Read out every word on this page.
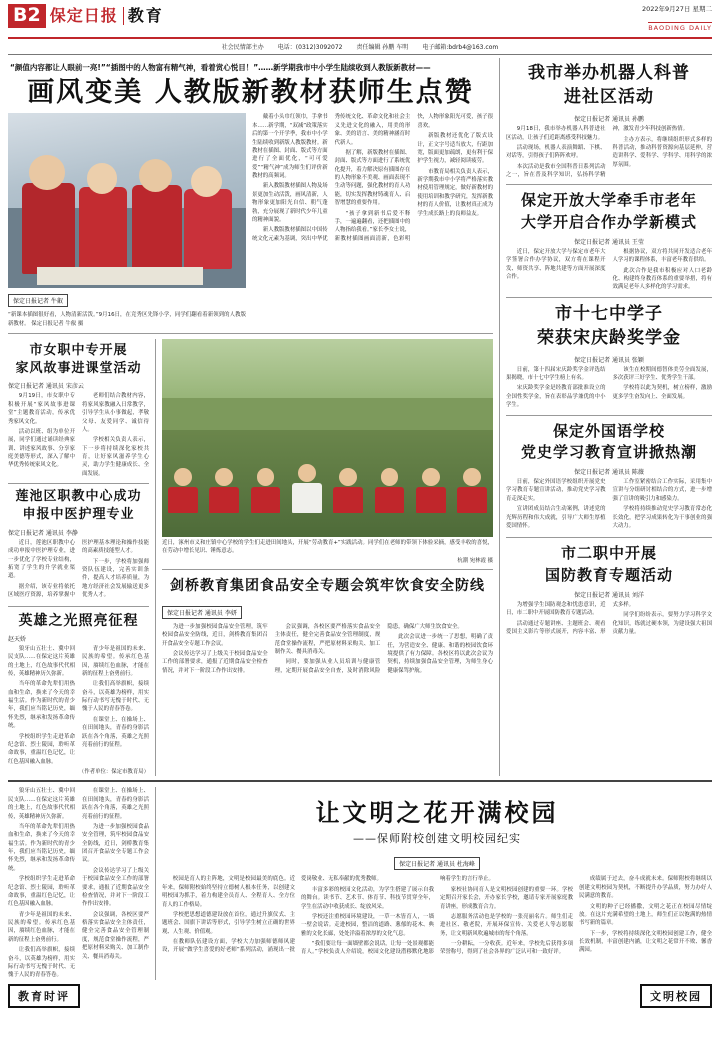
B2 保定日报 教育	2022年9月27日 星期二
BAODING DAILY
社会民情部主办 电话：(0312)3092072 责任编辑 孙鹏 车明 电子邮箱:bdrb4@163.com
“颜值内容都让人眼前一亮!”“插图中的人物富有精气神，看着赏心悦目！”……新学期我市中小学生陆续收到人教版新教材——
画风变美 人教版新教材获师生点赞
保定日报记者 牛叡
“新课本插图很好看，人物清新活泼。”9月16日，在竞秀区先锋小学，同学们翻看着新领到的人教版新教材。 保定日报记者 牛叡 摄

戴着小头巾红领巾，手拿书本……新学期，“双减”政策落实后的第一个开学季，我市中小学生陆续收到新版人教版教材。新教材在插图、封面、版式等方面进行了全面优化，“可可爱爱”“精气神”成为师生们评价新教材的高频词。

新入教版教材插图人物及场景更加生动活泼，画风清新，人物形象更加阳光自信、朝气蓬勃，充分展现了新时代少年儿童的精神面貌。

新人教版教材插图以中国传统文化元素为基调，突出中华优秀传统文化、革命文化和社会主义先进文化的融入，用美的形象、美的语言、美的精神涵育时代新人。

据了解，新版教材在插图、封面、版式等方面进行了系统优化提升，着力解决原有插图存在的人物形象不美观、画面表现不生动等问题，强化教材的育人功能，切实发挥教材铸魂育人、启智增慧的重要作用。

“孩子拿到新书后爱不释手，一遍遍翻看，还把插图中的人物指给我看。”家长李女士说，新教材插图画面清新，色彩明快，人物形象阳光可爱，孩子很喜欢。

新版教材还优化了版式设计，正文字号适当放大，行距加宽，版面更加疏朗，更有利于保护学生视力，减轻阅读疲劳。

市教育局相关负责人表示，新学期我市中小学将严格落实教材使用管理规定，做好新教材的使用培训和教学研究，发挥新教材的育人价值，让教材真正成为学生成长路上的良师益友。

市女职中专开展
家风故事进课堂活动
保定日报记者 通讯员 宋彦云

9月19日，市女职中专积极开展“家风故事进课堂”主题教育活动，传承优秀家风文化。

活动以班、组为单位开展，同学们通过诵读经典家训、讲述家风故事、分享家庭美德等形式，深入了解中华优秀传统家风文化。

老师们结合教材内容，将家风家教融入日常教学，引导学生从小事做起，孝敬父母、友爱同学、诚信待人。

学校相关负责人表示，下一步将持续深化家校共育，让好家风滋养学生心灵，助力学生健康成长、全面发展。

莲池区职教中心成功
申报中医护理专业
保定日报记者 通讯员 李静

近日，莲池区职教中心成功申报中医护理专业，进一步优化了学校专业结构，拓宽了学生的升学就业渠道。

据介绍，该专业将依托区域医疗资源，培养掌握中医护理基本理论和操作技能的高素质技能型人才。

下一步，学校将加强师资队伍建设，完善实训条件，提高人才培养质量，为地方经济社会发展输送更多优秀人才。

英雄之光照亮征程
赵天娇

狼牙山五壮士、冀中回民支队……在保定这片英雄的土地上，红色故事代代相传，英雄精神历久弥新。

当年的革命先辈们用热血和生命，换来了今天的幸福生活。作为新时代的青少年，我们应当铭记历史，缅怀先烈，继承和发扬革命传统。

学校组织学生走进革命纪念馆、烈士陵园，聆听革命故事，重温红色记忆，让红色基因融入血脉。

青少年是祖国的未来、民族的希望。传承红色基因，赓续红色血脉，才能在新的征程上奋勇前行。

让我们高举旗帜，接续奋斗，以英雄为榜样，用实际行动书写无愧于时代、无愧于人民的青春答卷。

在课堂上、在操场上、在田间地头，青春的身影活跃在各个角落，英雄之光照亮着前行的征程。

（作者单位：保定市教育局）
近日，涿州市义和庄镇中心学校的学生们走进田间地头，开展“劳动教育+”实践活动。同学们在老师的带领下体验采摘，感受丰收的喜悦，在劳动中增长见识、锤炼意志。
杭潮 宛林霞 摄
剑桥教育集团食品安全专题会筑牢饮食安全防线
保定日报记者 通讯员 李妍

为进一步加强校园食品安全管理，筑牢校园食品安全防线，近日，剑桥教育集团召开食品安全专题工作会议。

会议传达学习了上级关于校园食品安全工作的部署要求，通报了近期食品安全检查情况，并对下一阶段工作作出安排。

会议强调，各校区要严格落实食品安全主体责任，健全完善食品安全管理制度，规范食堂操作流程，严把原材料采购关、加工制作关、餐具消毒关。

同时，要加强从业人员培训与健康管理，定期开展食品安全自查，及时消除风险隐患，确保广大师生饮食安全。

此次会议进一步统一了思想，明确了责任，为营造安全、健康、和谐的校园饮食环境提供了有力保障。各校区将以此次会议为契机，持续加强食品安全管理，为师生身心健康保驾护航。

我市举办机器人科普
进社区活动
保定日报记者 通讯员 孙鹏

9月18日，我市举办机器人科普进社区活动，让孩子们近距离感受科技魅力。

活动现场，机器人表演舞蹈、下棋、对话等，引得孩子们阵阵欢呼。

本次活动是我市全国科普日系列活动之一，旨在普及科学知识，弘扬科学精神，激发青少年科技创新热情。

主办方表示，将继续组织形式多样的科普活动，推动科普资源向基层延伸，营造讲科学、爱科学、学科学、用科学的浓厚氛围。

保定开放大学牵手市老年
大学开启合作办学新模式
保定日报记者 通讯员 王莹

近日，保定开放大学与保定市老年大学签署合作办学协议，双方将在课程开发、师资共享、阵地共建等方面开展深度合作。

根据协议，双方将共同开发适合老年人学习的课程体系，丰富老年教育供给。

此次合作是我市积极应对人口老龄化、构建终身教育体系的重要举措，将有效满足老年人多样化的学习需求。

市十七中学子
荣获宋庆龄奖学金
保定日报记者 通讯员 张颖

日前，第十四届宋庆龄奖学金评选结果揭晓，市十七中学生榜上有名。

宋庆龄奖学金是经教育部批准设立的全国性奖学金，旨在表彰品学兼优的中小学生。

该生在校期间德智体美劳全面发展，多次获评三好学生、优秀学生干部。

学校将以此为契机，树立榜样，激励更多学生奋发向上、全面发展。

保定外国语学校
党史学习教育宣讲掀热潮
保定日报记者 通讯员 陈薇

日前，保定外国语学校组织开展党史学习教育专题宣讲活动，推动党史学习教育走深走实。

宣讲团成员结合生动案例，讲述党的光辉历程和伟大成就，引导广大师生厚植爱国情怀。

工作室紧密结合工作实际，采用集中宣讲与分组研讨相结合的方式，进一步增强了宣讲的吸引力和感染力。

学校将持续推动党史学习教育常态化长效化，把学习成果转化为干事创业的强大动力。

市二职中开展
国防教育专题活动
保定日报记者 通讯员 刘洋

为增强学生国防观念和忧患意识，近日，市二职中开展国防教育专题活动。

活动通过专题讲座、主题班会、观看爱国主义影片等形式展开，内容丰富、形式多样。

同学们纷纷表示，要努力学习科学文化知识，练就过硬本领，为建设强大祖国贡献力量。

狼牙山五壮士、冀中回民支队……在保定这片英雄的土地上，红色故事代代相传，英雄精神历久弥新。

当年的革命先辈们用热血和生命，换来了今天的幸福生活。作为新时代的青少年，我们应当铭记历史，缅怀先烈，继承和发扬革命传统。

学校组织学生走进革命纪念馆、烈士陵园，聆听革命故事，重温红色记忆，让红色基因融入血脉。

青少年是祖国的未来、民族的希望。传承红色基因，赓续红色血脉，才能在新的征程上奋勇前行。

让我们高举旗帜，接续奋斗，以英雄为榜样，用实际行动书写无愧于时代、无愧于人民的青春答卷。

在课堂上、在操场上、在田间地头，青春的身影活跃在各个角落，英雄之光照亮着前行的征程。

为进一步加强校园食品安全管理，筑牢校园食品安全防线，近日，剑桥教育集团召开食品安全专题工作会议。

会议传达学习了上级关于校园食品安全工作的部署要求，通报了近期食品安全检查情况，并对下一阶段工作作出安排。

会议强调，各校区要严格落实食品安全主体责任，健全完善食品安全管理制度，规范食堂操作流程，严把原材料采购关、加工制作关、餐具消毒关。

让文明之花开满校园
——保师附校创建文明校园纪实
保定日报记者 通讯员 杜海峰

校园是育人的主阵地，文明是校园最美的底色。近年来，保师附校始终坚持立德树人根本任务，以创建文明校园为抓手，着力构建全员育人、全程育人、全方位育人的工作格局。

学校把思想道德建设放在首位，通过升旗仪式、主题班会、国旗下讲话等形式，引导学生树立正确的世界观、人生观、价值观。

在教师队伍建设方面，学校大力加强师德师风建设，开展“做学生喜爱的好老师”系列活动，涌现出一批爱岗敬业、无私奉献的优秀教师。

丰富多彩的校园文化活动，为学生搭建了展示自我的舞台。读书节、艺术节、体育节、科技节贯穿全年，学生在活动中收获成长、绽放风采。

学校还注重校园环境建设，一草一木皆育人，一墙一壁会说话。走进校园，整洁的道路、葱郁的花木、典雅的文化长廊，处处洋溢着浓厚的文化气息。

“我们要让每一面墙壁都会说话，让每一处景观都能育人。”学校负责人介绍说，校园文化建设潜移默化地影响着学生的言行举止。

家校社协同育人是文明校园创建的重要一环。学校定期召开家长会，开办家长学校，邀请专家开展家庭教育讲座，形成教育合力。

志愿服务活动也是学校的一张亮丽名片。师生们走进社区、敬老院，开展环保宣传、关爱老人等志愿服务，让文明新风吹遍城市的每个角落。

一分耕耘，一分收获。近年来，学校先后获得多项荣誉称号，得到了社会各界的广泛认可和一致好评。

成绩属于过去，奋斗成就未来。保师附校将继续以创建文明校园为契机，不断提升办学品质，努力办好人民满意的教育。

文明的种子已经播撒，文明之花正在校园尽情绽放。在这片充满希望的土地上，师生们正以饱满的热情书写新的篇章。

下一步，学校将持续深化文明校园创建工作，健全长效机制，丰富创建内涵，让文明之花常开不败、馨香满园。

教育时评	文明校园
